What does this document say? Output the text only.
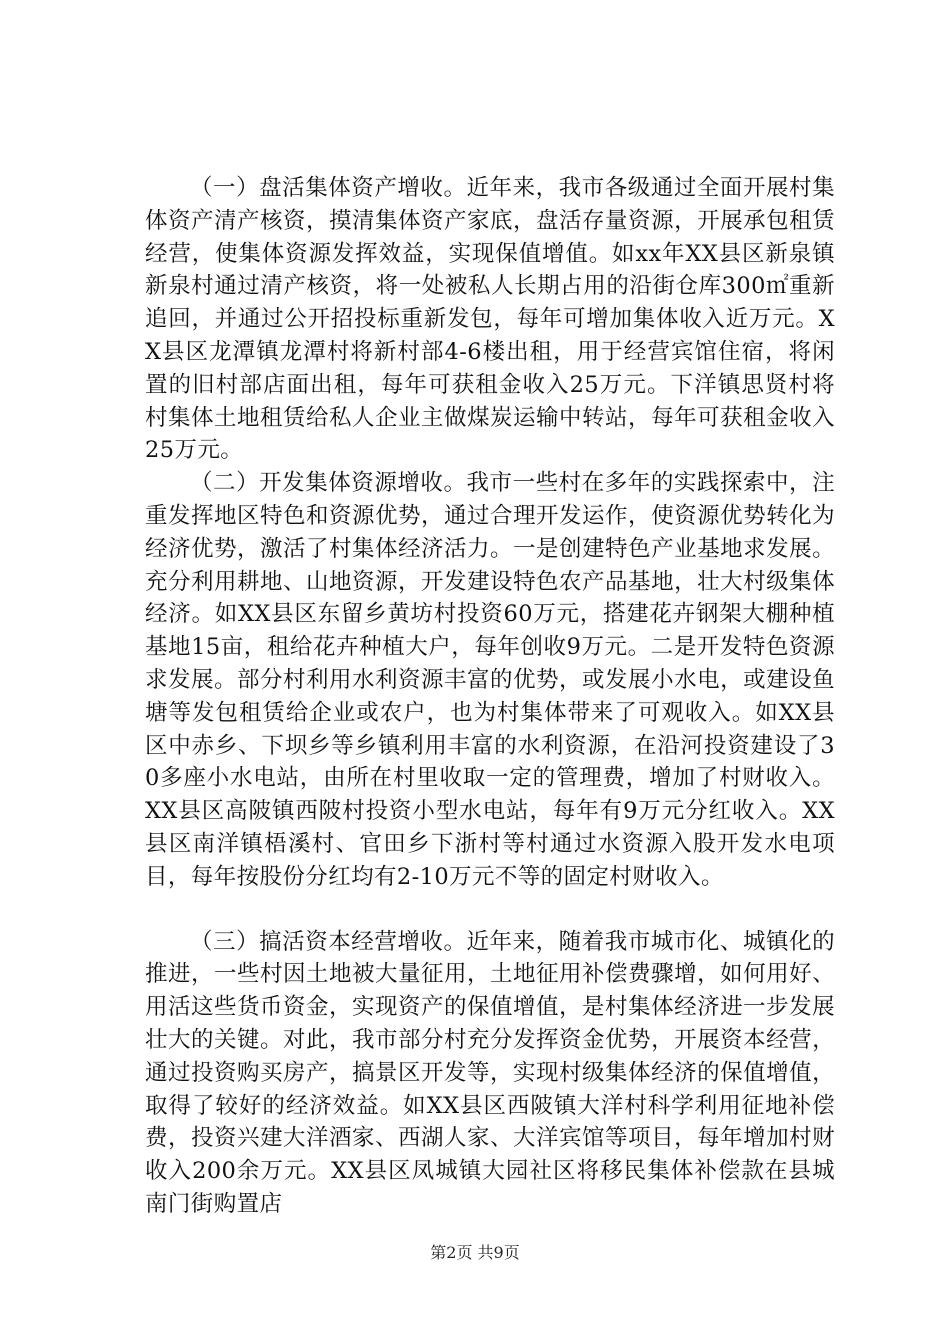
（一）盘活集体资产增收。近年来，我市各级通过全面开展村集体资产清产核资，摸清集体资产家底，盘活存量资源，开展承包租赁经营，使集体资源发挥效益，实现保值增值。如xx年XX县区新泉镇新泉村通过清产核资，将一处被私人长期占用的沿街仓库300㎡重新追回，并通过公开招投标重新发包，每年可增加集体收入近万元。XX县区龙潭镇龙潭村将新村部4-6楼出租，用于经营宾馆住宿，将闲置的旧村部店面出租，每年可获租金收入25万元。下洋镇思贤村将村集体土地租赁给私人企业主做煤炭运输中转站，每年可获租金收入25万元。

（二）开发集体资源增收。我市一些村在多年的实践探索中，注重发挥地区特色和资源优势，通过合理开发运作，使资源优势转化为经济优势，激活了村集体经济活力。一是创建特色产业基地求发展。充分利用耕地、山地资源，开发建设特色农产品基地，壮大村级集体经济。如XX县区东留乡黄坊村投资60万元，搭建花卉钢架大棚种植基地15亩，租给花卉种植大户，每年创收9万元。二是开发特色资源求发展。部分村利用水利资源丰富的优势，或发展小水电，或建设鱼塘等发包租赁给企业或农户，也为村集体带来了可观收入。如XX县区中赤乡、下坝乡等乡镇利用丰富的水利资源，在沿河投资建设了30多座小水电站，由所在村里收取一定的管理费，增加了村财收入。XX县区高陂镇西陂村投资小型水电站，每年有9万元分红收入。XX县区南洋镇梧溪村、官田乡下浙村等村通过水资源入股开发水电项目，每年按股份分红均有2-10万元不等的固定村财收入。

（三）搞活资本经营增收。近年来，随着我市城市化、城镇化的推进，一些村因土地被大量征用，土地征用补偿费骤增，如何用好、用活这些货币资金，实现资产的保值增值，是村集体经济进一步发展壮大的关键。对此，我市部分村充分发挥资金优势，开展资本经营，通过投资购买房产，搞景区开发等，实现村级集体经济的保值增值，取得了较好的经济效益。如XX县区西陂镇大洋村科学利用征地补偿费，投资兴建大洋酒家、西湖人家、大洋宾馆等项目，每年增加村财收入200余万元。XX县区凤城镇大园社区将移民集体补偿款在县城南门街购置店

第2页 共9页
